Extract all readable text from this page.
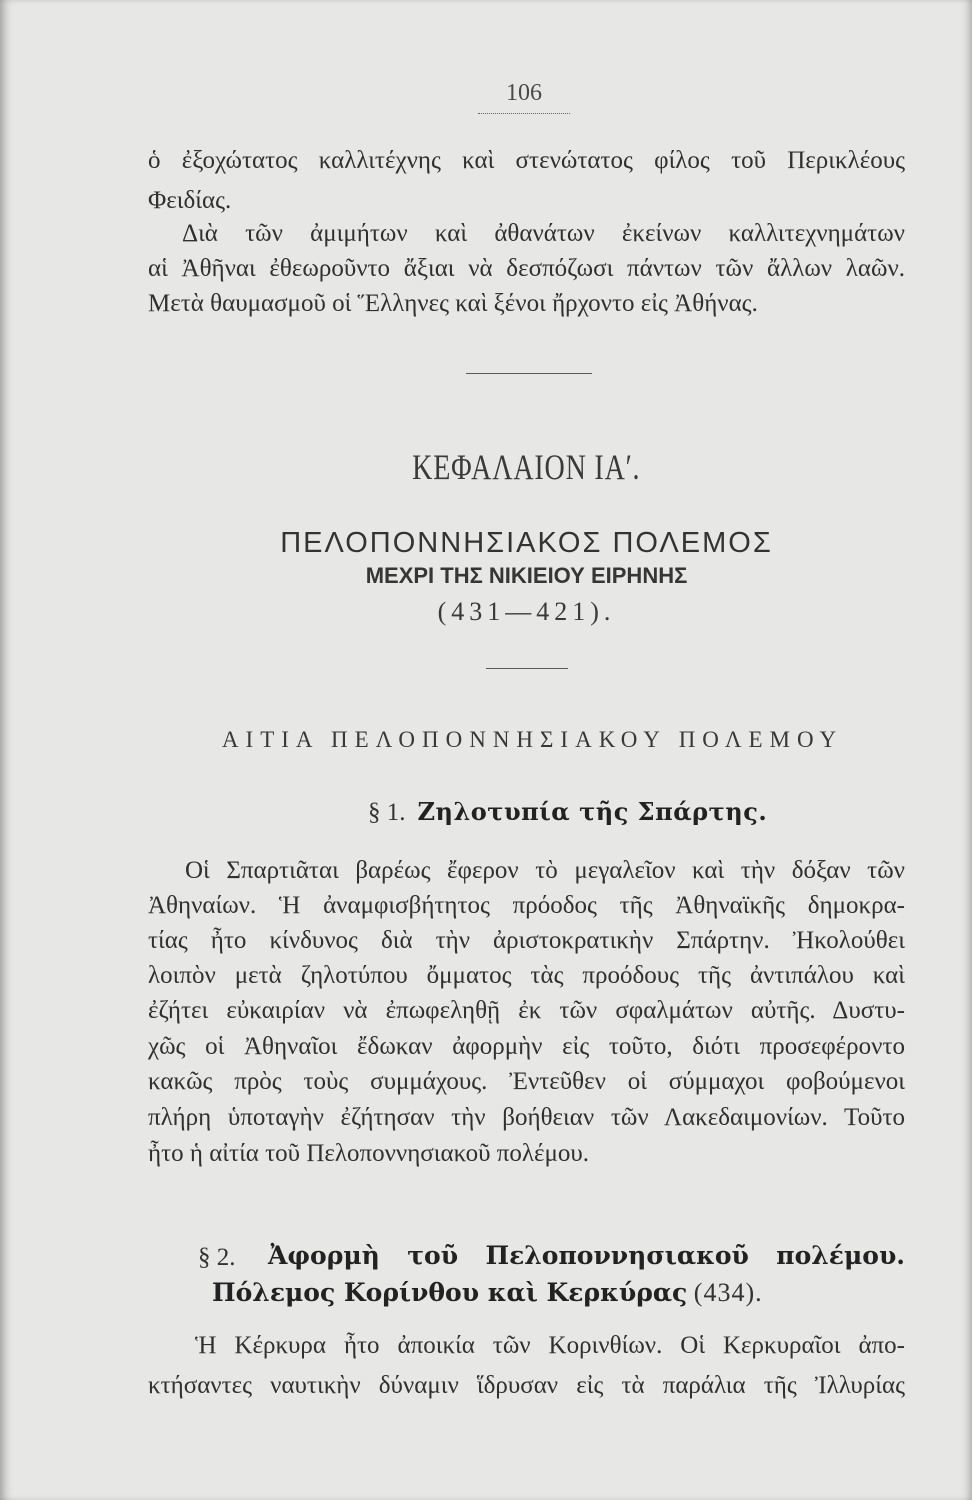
106
ὁ ἐξοχώτατος καλλιτέχνης καὶ στενώτατος φίλος τοῦ Περικλέους
Φειδίας.
Διὰ τῶν ἀμιμήτων καὶ ἀθανάτων ἐκείνων καλλιτεχνημάτων
αἱ Ἀθῆναι ἐθεωροῦντο ἄξιαι νὰ δεσπόζωσι πάντων τῶν ἄλλων λαῶν.
Μετὰ θαυμασμοῦ οἱ Ἕλληνες καὶ ξένοι ἤρχοντο εἰς Ἀθήνας.
ΚΕΦΑΛΑΙΟΝ ΙΑʹ.
ΠΕΛΟΠΟΝΝΗΣΙΑΚΟΣ ΠΟΛΕΜΟΣ
ΜΕΧΡΙ ΤΗΣ ΝΙΚΙΕΙΟΥ ΕΙΡΗΝΗΣ
(431—421).
ΑΙΤΙΑ ΠΕΛΟΠΟΝΝΗΣΙΑΚΟΥ ΠΟΛΕΜΟΥ
§ 1. Ζηλοτυπία τῆς Σπάρτης.
Οἱ Σπαρτιᾶται βαρέως ἔφερον τὸ μεγαλεῖον καὶ τὴν δόξαν τῶν
Ἀθηναίων. Ἡ ἀναμφισβήτητος πρόοδος τῆς Ἀθηναϊκῆς δημοκρα-
τίας ἦτο κίνδυνος διὰ τὴν ἀριστοκρατικὴν Σπάρτην. Ἠκολούθει
λοιπὸν μετὰ ζηλοτύπου ὄμματος τὰς προόδους τῆς ἀντιπάλου καὶ
ἐζήτει εὐκαιρίαν νὰ ἐπωφεληθῇ ἐκ τῶν σφαλμάτων αὐτῆς. Δυστυ-
χῶς οἱ Ἀθηναῖοι ἔδωκαν ἀφορμὴν εἰς τοῦτο, διότι προσεφέροντο
κακῶς πρὸς τοὺς συμμάχους. Ἐντεῦθεν οἱ σύμμαχοι φοβούμενοι
πλήρη ὑποταγὴν ἐζήτησαν τὴν βοήθειαν τῶν Λακεδαιμονίων. Τοῦτο
ἦτο ἡ αἰτία τοῦ Πελοποννησιακοῦ πολέμου.
§ 2. Ἀφορμὴ τοῦ Πελοποννησιακοῦ πολέμου.
Πόλεμος Κορίνθου καὶ Κερκύρας (434).
Ἡ Κέρκυρα ἦτο ἀποικία τῶν Κορινθίων. Οἱ Κερκυραῖοι ἀπο-
κτήσαντες ναυτικὴν δύναμιν ἵδρυσαν εἰς τὰ παράλια τῆς Ἰλλυρίας
